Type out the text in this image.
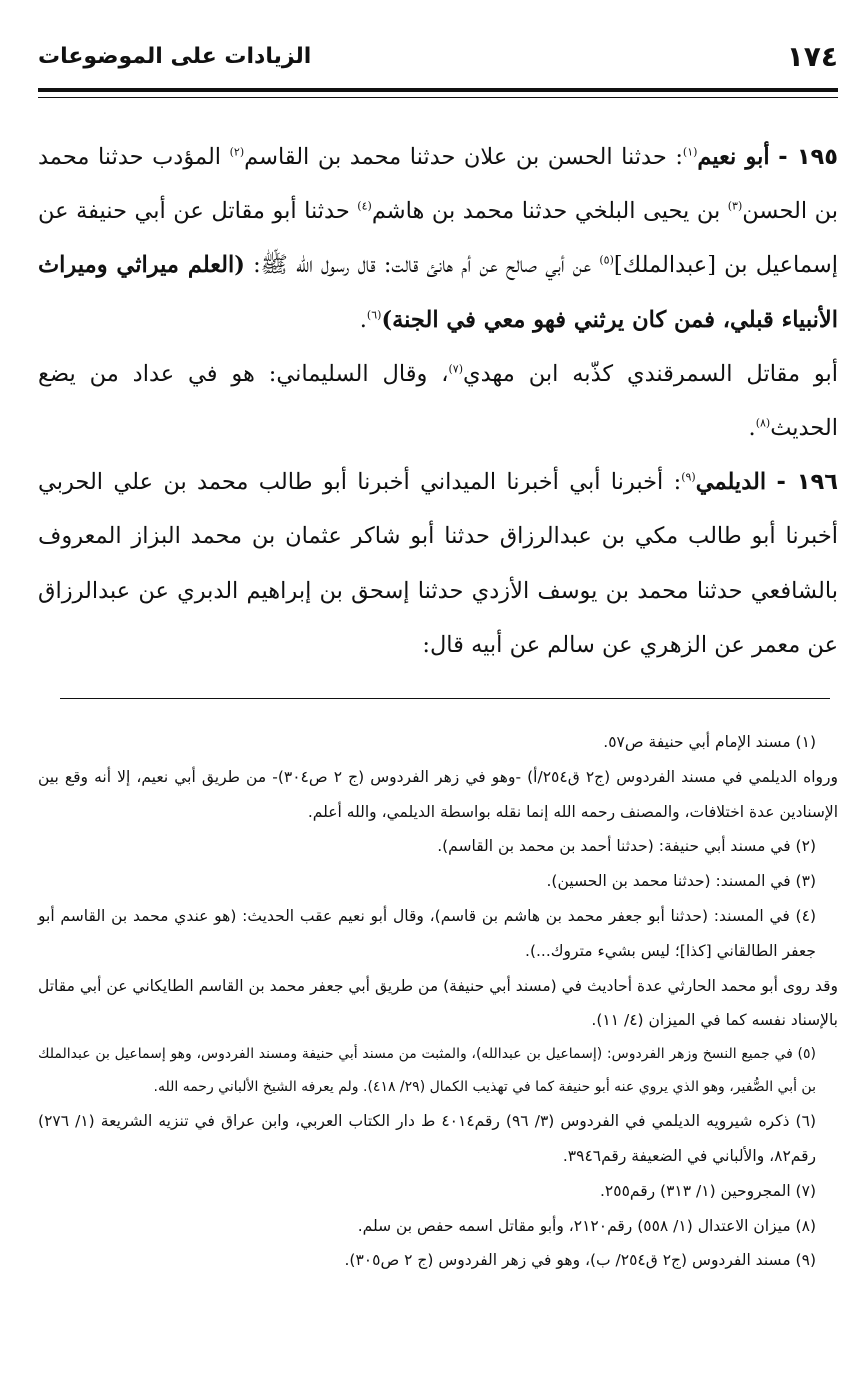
١٧٤
الزيادات على الموضوعات

١٩٥ - أبو نعيم$^{(١)}$: حدثنا الحسن بن علان حدثنا محمد بن القاسم$^{(٢)}$ المؤدب حدثنا محمد بن الحسن$^{(٣)}$ بن يحيى البلخي حدثنا محمد بن هاشم$^{(٤)}$ حدثنا أبو مقاتل عن أبي حنيفة عن إسماعيل بن [عبدالملك]$^{(٥)}$ عن أبي صالح عن أم هانئ قالت: قال رسول الله ﷺ: (العلم ميراثي وميراث الأنبياء قبلي، فمن كان يرثني فهو معي في الجنة)$^{(٦)}$.

أبو مقاتل السمرقندي كذّبه ابن مهدي$^{(٧)}$، وقال السليماني: هو في عداد من يضع الحديث$^{(٨)}$.

١٩٦ - الديلمي$^{(٩)}$: أخبرنا أبي أخبرنا الميداني أخبرنا أبو طالب محمد بن علي الحربي أخبرنا أبو طالب مكي بن عبدالرزاق حدثنا أبو شاكر عثمان بن محمد البزاز المعروف بالشافعي حدثنا محمد بن يوسف الأزدي حدثنا إسحق بن إبراهيم الدبري عن عبدالرزاق عن معمر عن الزهري عن سالم عن أبيه قال:

(١) مسند الإمام أبي حنيفة ص٥٧.

ورواه الديلمي في مسند الفردوس (ج٢ ق٢٥٤/أ) -وهو في زهر الفردوس (ج ٢ ص٣٠٤)- من طريق أبي نعيم، إلا أنه وقع بين الإسنادين عدة اختلافات، والمصنف رحمه الله إنما نقله بواسطة الديلمي، والله أعلم.

(٢) في مسند أبي حنيفة: (حدثنا أحمد بن محمد بن القاسم).

(٣) في المسند: (حدثنا محمد بن الحسين).

(٤) في المسند: (حدثنا أبو جعفر محمد بن هاشم بن قاسم)، وقال أبو نعيم عقب الحديث: (هو عندي محمد بن القاسم أبو جعفر الطالقاني [كذا]؛ ليس بشيء متروك...).

وقد روى أبو محمد الحارثي عدة أحاديث في (مسند أبي حنيفة) من طريق أبي جعفر محمد بن القاسم الطايكاني عن أبي مقاتل بالإسناد نفسه كما في الميزان (٤/ ١١).

(٥) في جميع النسخ وزهر الفردوس: (إسماعيل بن عبدالله)، والمثبت من مسند أبي حنيفة ومسند الفردوس، وهو إسماعيل بن عبدالملك بن أبي الصُّفير، وهو الذي يروي عنه أبو حنيفة كما في تهذيب الكمال (٢٩/ ٤١٨). ولم يعرفه الشيخ الألباني رحمه الله.

(٦) ذكره شيرويه الديلمي في الفردوس (٣/ ٩٦) رقم٤٠١٤ ط دار الكتاب العربي، وابن عراق في تنزيه الشريعة (١/ ٢٧٦) رقم٨٢، والألباني في الضعيفة رقم٣٩٤٦.

(٧) المجروحين (١/ ٣١٣) رقم٢٥٥.

(٨) ميزان الاعتدال (١/ ٥٥٨) رقم٢١٢٠، وأبو مقاتل اسمه حفص بن سلم.

(٩) مسند الفردوس (ج٢ ق٢٥٤/ ب)، وهو في زهر الفردوس (ج ٢ ص٣٠٥).
